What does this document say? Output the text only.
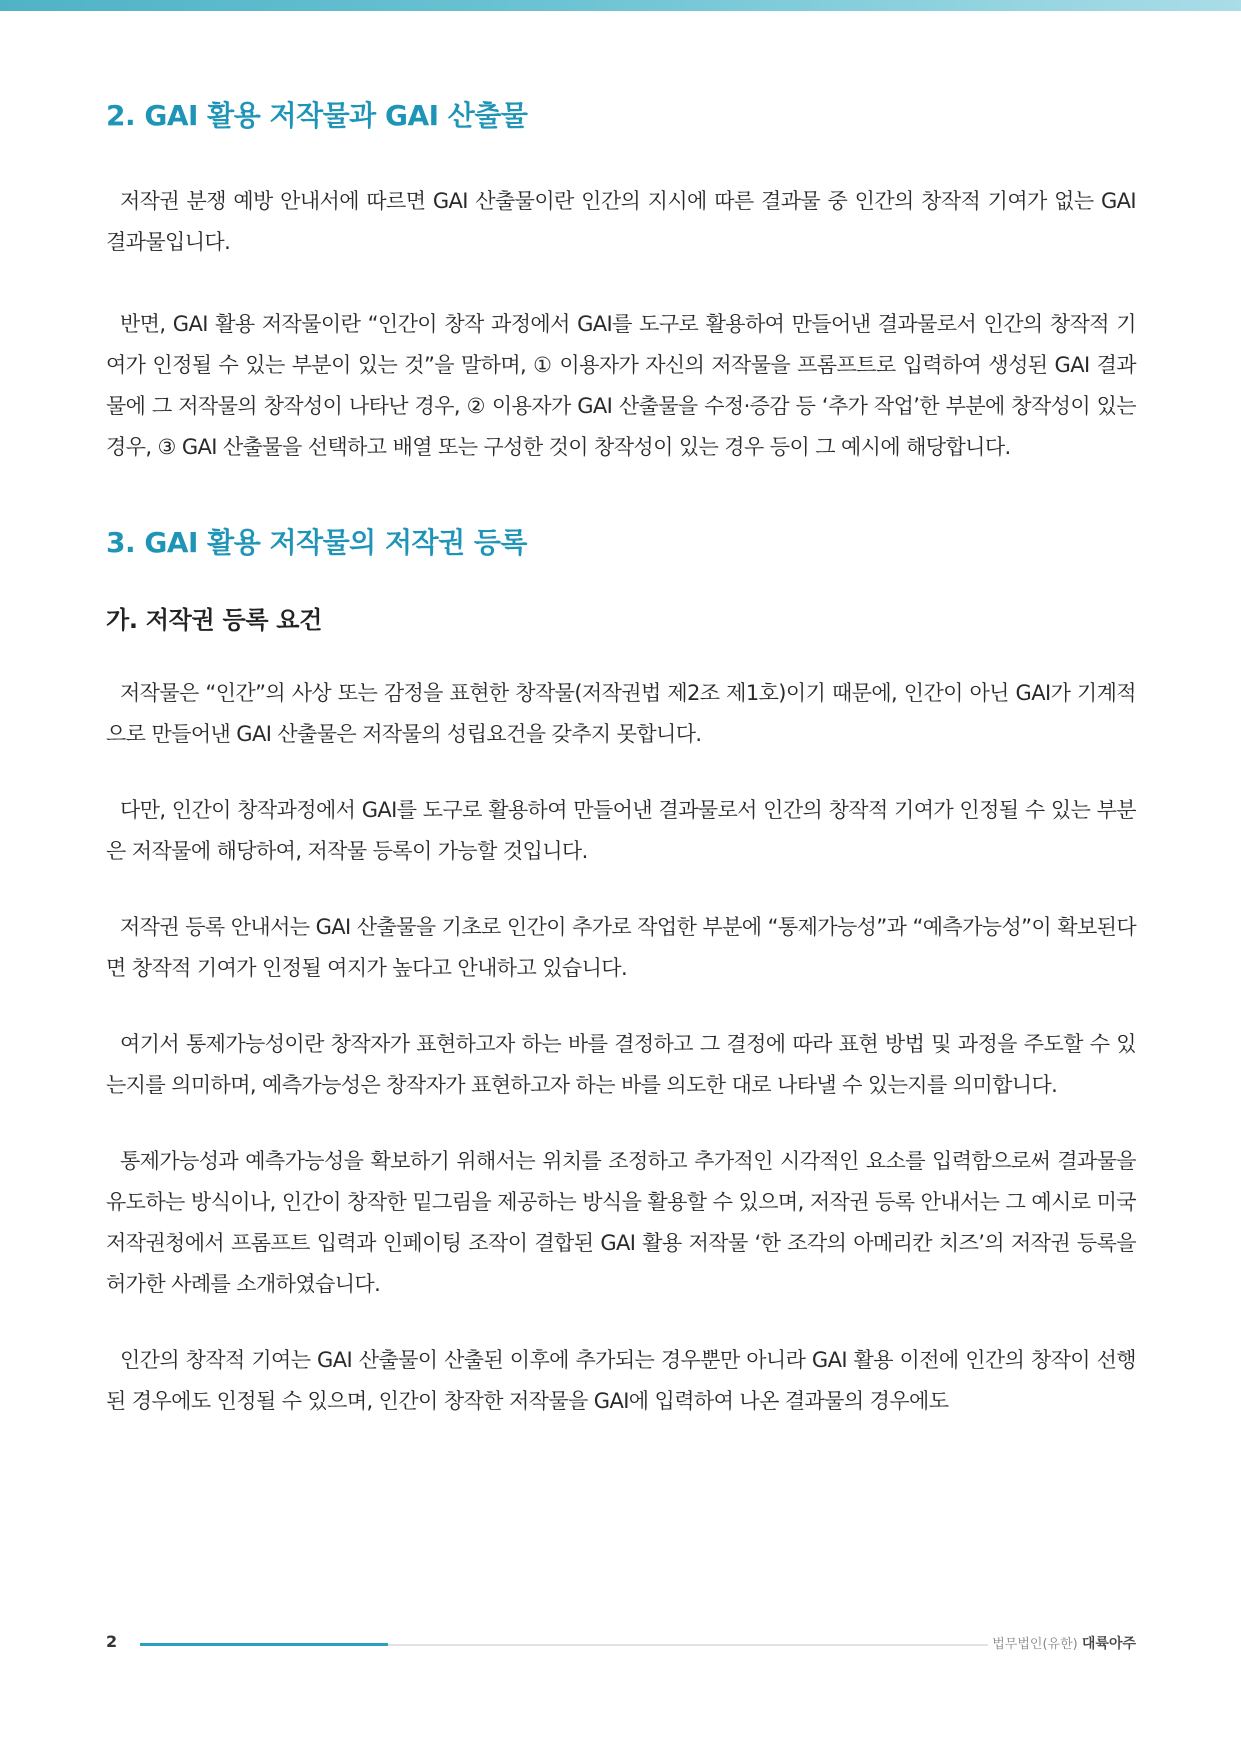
2. GAI 활용 저작물과 GAI 산출물

저작권 분쟁 예방 안내서에 따르면 GAI 산출물이란 인간의 지시에 따른 결과물 중 인간의 창작적 기여가 없는 GAI 결과물입니다.

반면, GAI 활용 저작물이란 “인간이 창작 과정에서 GAI를 도구로 활용하여 만들어낸 결과물로서 인간의 창작적 기여가 인정될 수 있는 부분이 있는 것”을 말하며, ① 이용자가 자신의 저작물을 프롬프트로 입력하여 생성된 GAI 결과물에 그 저작물의 창작성이 나타난 경우, ② 이용자가 GAI 산출물을 수정·증감 등 ‘추가 작업’한 부분에 창작성이 있는 경우, ③ GAI 산출물을 선택하고 배열 또는 구성한 것이 창작성이 있는 경우 등이 그 예시에 해당합니다.

3. GAI 활용 저작물의 저작권 등록
가. 저작권 등록 요건

저작물은 “인간”의 사상 또는 감정을 표현한 창작물(저작권법 제2조 제1호)이기 때문에, 인간이 아닌 GAI가 기계적으로 만들어낸 GAI 산출물은 저작물의 성립요건을 갖추지 못합니다.

다만, 인간이 창작과정에서 GAI를 도구로 활용하여 만들어낸 결과물로서 인간의 창작적 기여가 인정될 수 있는 부분은 저작물에 해당하여, 저작물 등록이 가능할 것입니다.

저작권 등록 안내서는 GAI 산출물을 기초로 인간이 추가로 작업한 부분에 “통제가능성”과 “예측가능성”이 확보된다면 창작적 기여가 인정될 여지가 높다고 안내하고 있습니다.

여기서 통제가능성이란 창작자가 표현하고자 하는 바를 결정하고 그 결정에 따라 표현 방법 및 과정을 주도할 수 있는지를 의미하며, 예측가능성은 창작자가 표현하고자 하는 바를 의도한 대로 나타낼 수 있는지를 의미합니다.

통제가능성과 예측가능성을 확보하기 위해서는 위치를 조정하고 추가적인 시각적인 요소를 입력함으로써 결과물을 유도하는 방식이나, 인간이 창작한 밑그림을 제공하는 방식을 활용할 수 있으며, 저작권 등록 안내서는 그 예시로 미국 저작권청에서 프롬프트 입력과 인페이팅 조작이 결합된 GAI 활용 저작물 ‘한 조각의 아메리칸 치즈’의 저작권 등록을 허가한 사례를 소개하였습니다.

인간의 창작적 기여는 GAI 산출물이 산출된 이후에 추가되는 경우뿐만 아니라 GAI 활용 이전에 인간의 창작이 선행된 경우에도 인정될 수 있으며, 인간이 창작한 저작물을 GAI에 입력하여 나온 결과물의 경우에도

2	법무법인(유한) 대륙아주
